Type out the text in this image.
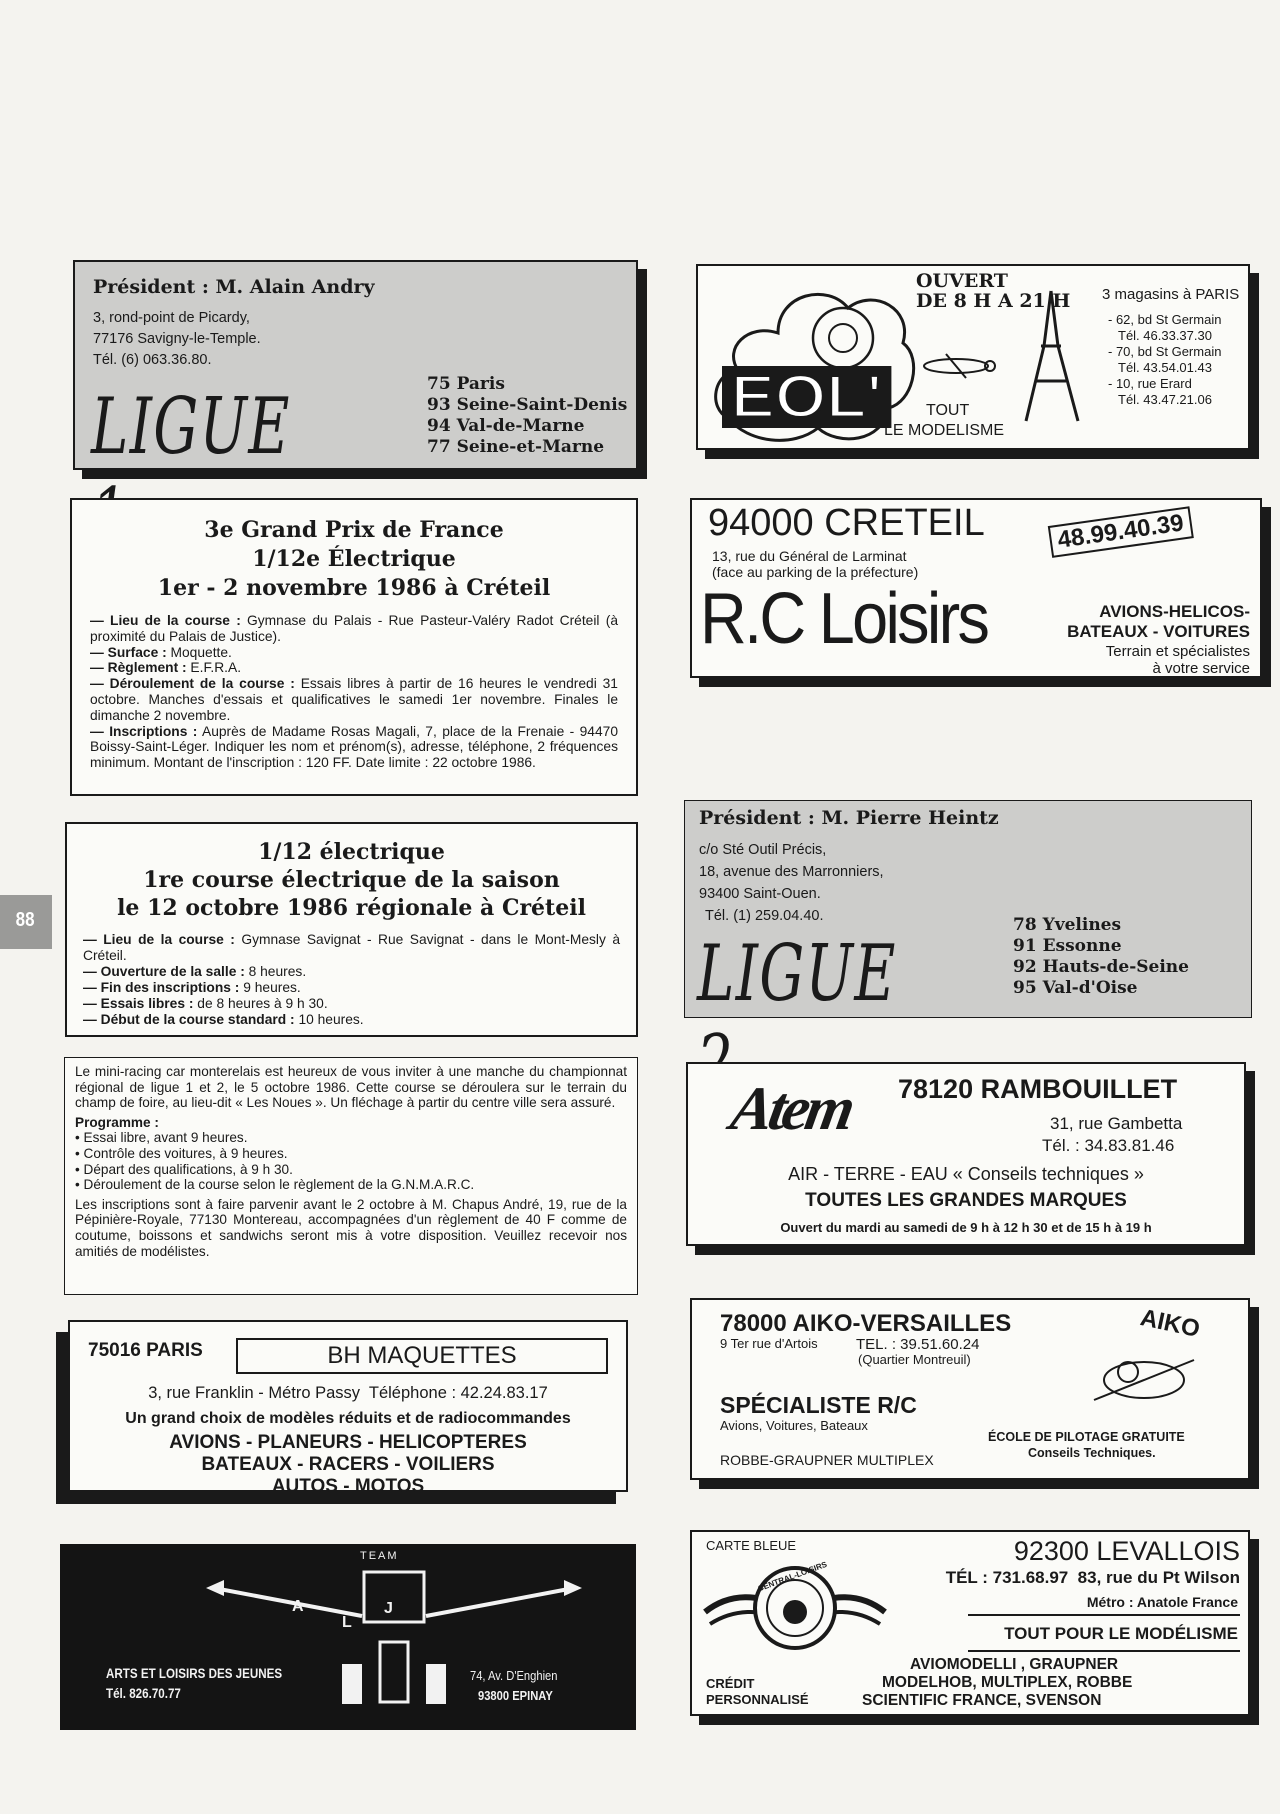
88
Président : M. Alain Andry
3, rond-point de Picardy,
77176 Savigny-le-Temple.
Tél. (6) 063.36.80.
LIGUE	75 Paris
93 Seine-Saint-Denis
94 Val-de-Marne
77 Seine-et-Marne
EOL'
OUVERT
DE 8 H A 21 H
TOUT
LE MODELISME
3 magasins à PARIS
- 62, bd St Germain
Tél. 46.33.37.30
- 70, bd St Germain
Tél. 43.54.01.43
- 10, rue Erard
Tél. 43.47.21.06
3e Grand Prix de France
1/12e Électrique
1er - 2 novembre 1986 à Créteil

— Lieu de la course : Gymnase du Palais - Rue Pasteur-Valéry Radot Créteil (à proximité du Palais de Justice).

— Surface : Moquette.

— Règlement : E.F.R.A.

— Déroulement de la course : Essais libres à partir de 16 heures le vendredi 31 octobre. Manches d'essais et qualificatives le samedi 1er novembre. Finales le dimanche 2 novembre.

— Inscriptions : Auprès de Madame Rosas Magali, 7, place de la Frenaie - 94470 Boissy-Saint-Léger. Indiquer les nom et prénom(s), adresse, téléphone, 2 fréquences minimum. Montant de l'inscription : 120 FF. Date limite : 22 octobre 1986.

94000 CRETEIL
13, rue du Général de Larminat
(face au parking de la préfecture)
48.99.40.39
R.C Loisirs	AVIONS-HELICOS-
BATEAUX - VOITURES
Terrain et spécialistes
à votre service
1/12 électrique
1re course électrique de la saison
le 12 octobre 1986 régionale à Créteil

— Lieu de la course : Gymnase Savignat - Rue Savignat - dans le Mont-Mesly à Créteil.

— Ouverture de la salle : 8 heures.

— Fin des inscriptions : 9 heures.

— Essais libres : de 8 heures à 9 h 30.

— Début de la course standard : 10 heures.

Président : M. Pierre Heintz
c/o Sté Outil Précis,
18, avenue des Marronniers,
93400 Saint-Ouen.
Tél. (1) 259.04.40.
LIGUE
78 Yvelines
91 Essonne
92 Hauts-de-Seine
95 Val-d'Oise

Le mini-racing car monterelais est heureux de vous inviter à une manche du championnat régional de ligue 1 et 2, le 5 octobre 1986. Cette course se déroulera sur le terrain du champ de foire, au lieu-dit « Les Noues ». Un fléchage à partir du centre ville sera assuré.

Programme :

• Essai libre, avant 9 heures.

• Contrôle des voitures, à 9 heures.

• Départ des qualifications, à 9 h 30.

• Déroulement de la course selon le règlement de la G.N.M.A.R.C.

Les inscriptions sont à faire parvenir avant le 2 octobre à M. Chapus André, 19, rue de la Pépinière-Royale, 77130 Montereau, accompagnées d'un règlement de 40 F comme de coutume, boissons et sandwichs seront mis à votre disposition. Veuillez recevoir nos amitiés de modélistes.

Atem 78120 RAMBOUILLET
31, rue Gambetta
Tél. : 34.83.81.46
AIR - TERRE - EAU « Conseils techniques »
TOUTES LES GRANDES MARQUES
Ouvert du mardi au samedi de 9 h à 12 h 30 et de 15 h à 19 h
75016 PARIS	BH MAQUETTES
3, rue Franklin - Métro Passy  Téléphone : 42.24.83.17
Un grand choix de modèles réduits et de radiocommandes
AVIONS - PLANEURS - HELICOPTERES
BATEAUX - RACERS - VOILIERS
AUTOS - MOTOS
78000 AIKO-VERSAILLES
9 Ter rue d'Artois	TEL. : 39.51.60.24
(Quartier Montreuil)
AIKO
SPÉCIALISTE R/C
Avions, Voitures, Bateaux
ROBBE-GRAUPNER MULTIPLEX
ÉCOLE DE PILOTAGE GRATUITE
Conseils Techniques.
TEAM
A
L
J
ARTS ET LOISIRS DES JEUNES
Tél. 826.70.77
74, Av. D'Enghien
93800 EPINAY
CARTE BLEUE	92300 LEVALLOIS
TÉL : 731.68.97  83, rue du Pt Wilson
Métro : Anatole France
TOUT POUR LE MODÉLISME
CENTRAL-LOISIRS
CRÉDIT
PERSONNALISÉ
AVIOMODELLI , GRAUPNER
MODELHOB, MULTIPLEX, ROBBE
SCIENTIFIC FRANCE, SVENSON
